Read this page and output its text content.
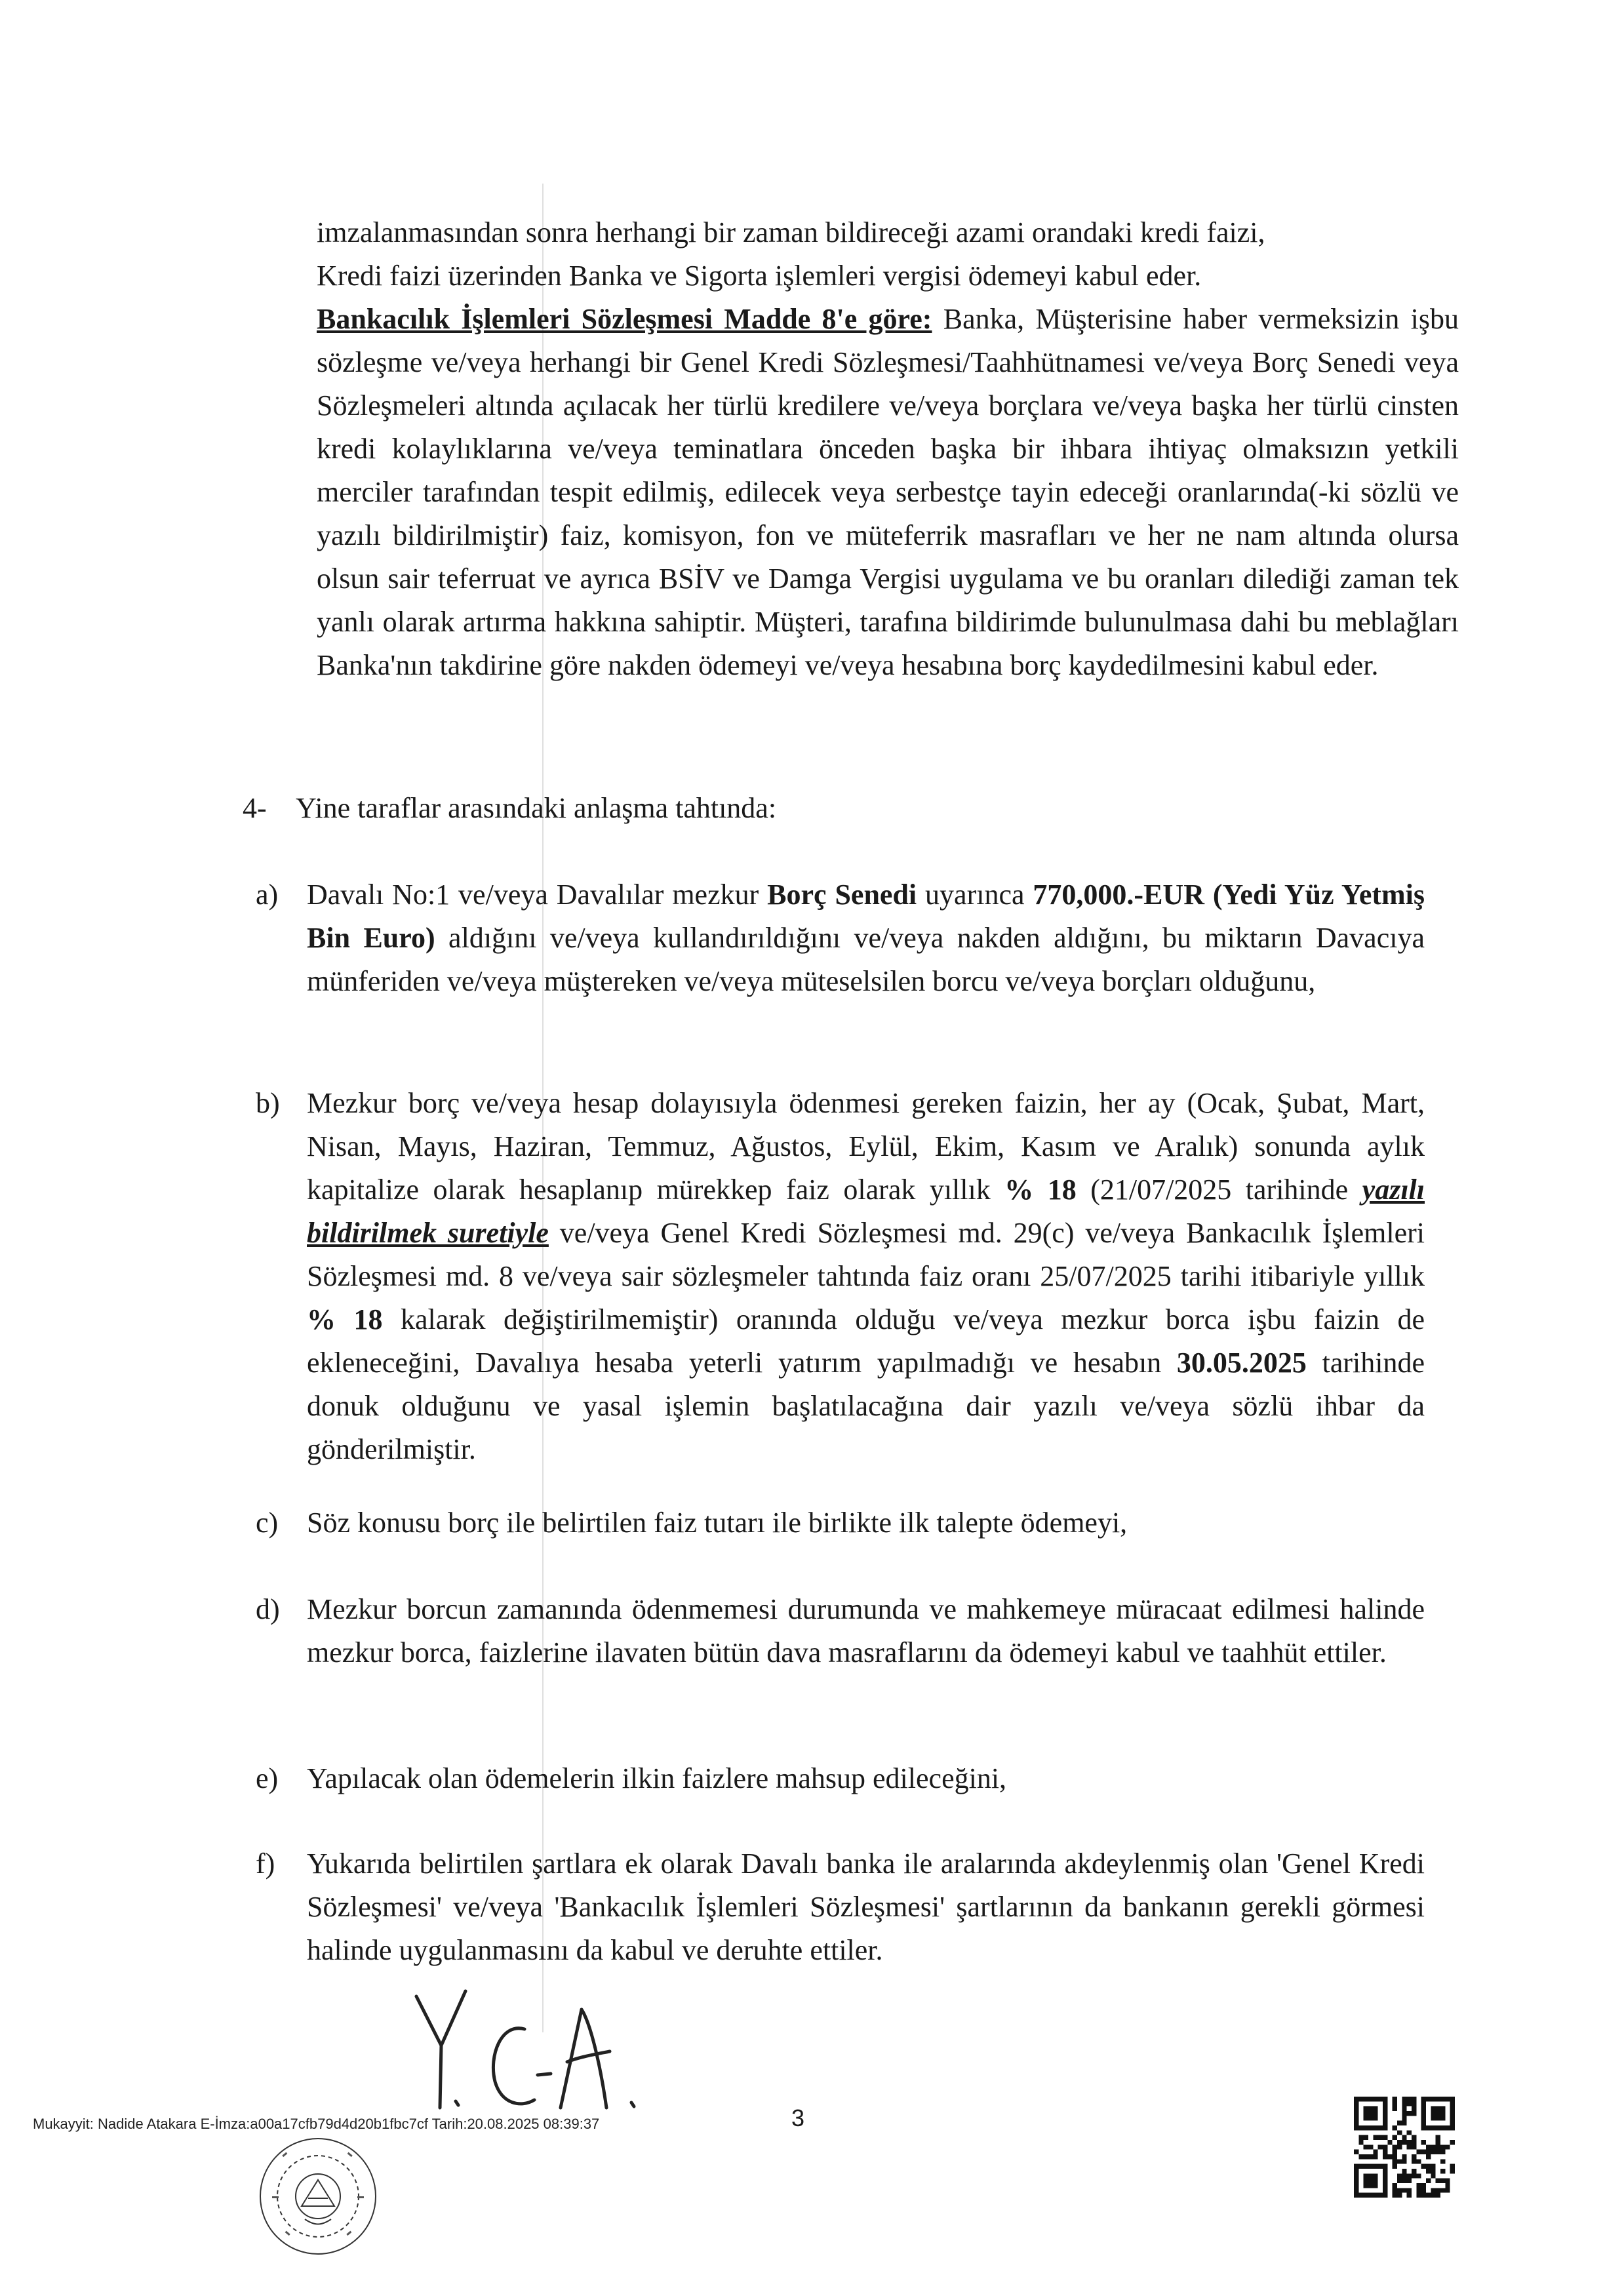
imzalanmasından sonra herhangi bir zaman bildireceği azami orandaki kredi faizi,
Kredi faizi üzerinden Banka ve Sigorta işlemleri vergisi ödemeyi kabul eder.
Bankacılık İşlemleri Sözleşmesi Madde 8'e göre: Banka, Müşterisine haber vermeksizin işbu sözleşme ve/veya herhangi bir Genel Kredi Sözleşmesi/Taahhütnamesi ve/veya Borç Senedi veya Sözleşmeleri altında açılacak her türlü kredilere ve/veya borçlara ve/veya başka her türlü cinsten kredi kolaylıklarına ve/veya teminatlara önceden başka bir ihbara ihtiyaç olmaksızın yetkili merciler tarafından tespit edilmiş, edilecek veya serbestçe tayin edeceği oranlarında(-ki sözlü ve yazılı bildirilmiştir) faiz, komisyon, fon ve müteferrik masrafları ve her ne nam altında olursa olsun sair teferruat ve ayrıca BSİV ve Damga Vergisi uygulama ve bu oranları dilediği zaman tek yanlı olarak artırma hakkına sahiptir. Müşteri, tarafına bildirimde bulunulmasa dahi bu meblağları Banka'nın takdirine göre nakden ödemeyi ve/veya hesabına borç kaydedilmesini kabul eder.
4- Yine taraflar arasındaki anlaşma tahtında:
a) Davalı No:1 ve/veya Davalılar mezkur Borç Senedi uyarınca 770,000.-EUR (Yedi Yüz Yetmiş Bin Euro) aldığını ve/veya kullandırıldığını ve/veya nakden aldığını, bu miktarın Davacıya münferiden ve/veya müştereken ve/veya müteselsilen borcu ve/veya borçları olduğunu,
b) Mezkur borç ve/veya hesap dolayısıyla ödenmesi gereken faizin, her ay (Ocak, Şubat, Mart, Nisan, Mayıs, Haziran, Temmuz, Ağustos, Eylül, Ekim, Kasım ve Aralık) sonunda aylık kapitalize olarak hesaplanıp mürekkep faiz olarak yıllık % 18 (21/07/2025 tarihinde yazılı bildirilmek suretiyle ve/veya Genel Kredi Sözleşmesi md. 29(c) ve/veya Bankacılık İşlemleri Sözleşmesi md. 8 ve/veya sair sözleşmeler tahtında faiz oranı 25/07/2025 tarihi itibariyle yıllık % 18 kalarak değiştirilmemiştir) oranında olduğu ve/veya mezkur borca işbu faizin de ekleneceğini, Davalıya hesaba yeterli yatırım yapılmadığı ve hesabın 30.05.2025 tarihinde donuk olduğunu ve yasal işlemin başlatılacağına dair yazılı ve/veya sözlü ihbar da gönderilmiştir.
c) Söz konusu borç ile belirtilen faiz tutarı ile birlikte ilk talepte ödemeyi,
d) Mezkur borcun zamanında ödenmemesi durumunda ve mahkemeye müracaat edilmesi halinde mezkur borca, faizlerine ilavaten bütün dava masraflarını da ödemeyi kabul ve taahhüt ettiler.
e) Yapılacak olan ödemelerin ilkin faizlere mahsup edileceğini,
f) Yukarıda belirtilen şartlara ek olarak Davalı banka ile aralarında akdeylenmiş olan 'Genel Kredi Sözleşmesi' ve/veya 'Bankacılık İşlemleri Sözleşmesi' şartlarının da bankanın gerekli görmesi halinde uygulanmasını da kabul ve deruhte ettiler.
Mukayyit: Nadide Atakara E-İmza:a00a17cfb79d4d20b1fbc7cf Tarih:20.08.2025 08:39:37	3
